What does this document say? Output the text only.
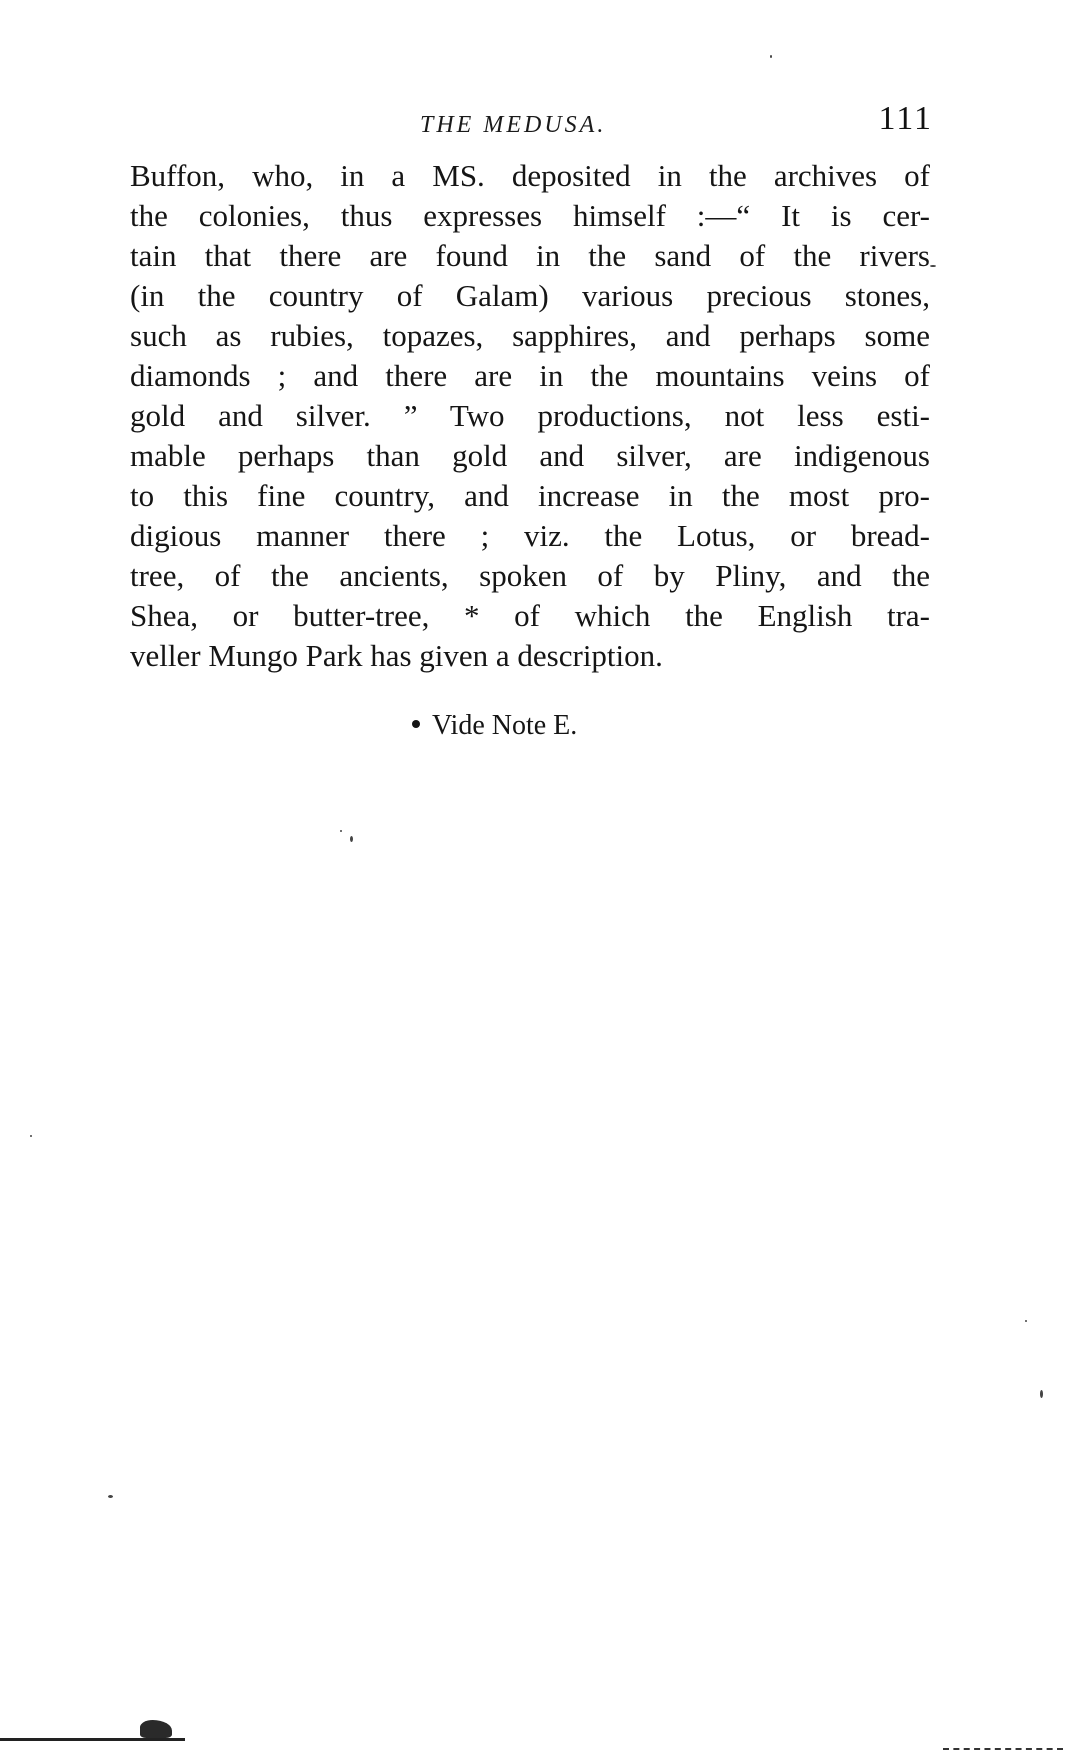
THE MEDUSA.	111
Buffon, who, in a MS. deposited in the archives of
the colonies, thus expresses himself :—“ It is cer-
tain that there are found in the sand of the rivers
(in the country of Galam) various precious stones,
such as rubies, topazes, sapphires, and perhaps some
diamonds ; and there are in the mountains veins of
gold and silver. ” Two productions, not less esti-
mable perhaps than gold and silver, are indigenous
to this fine country, and increase in the most pro-
digious manner there ; viz. the Lotus, or bread-
tree, of the ancients, spoken of by Pliny, and the
Shea, or butter-tree, * of which the English tra-
veller Mungo Park has given a description.
Vide Note E.
